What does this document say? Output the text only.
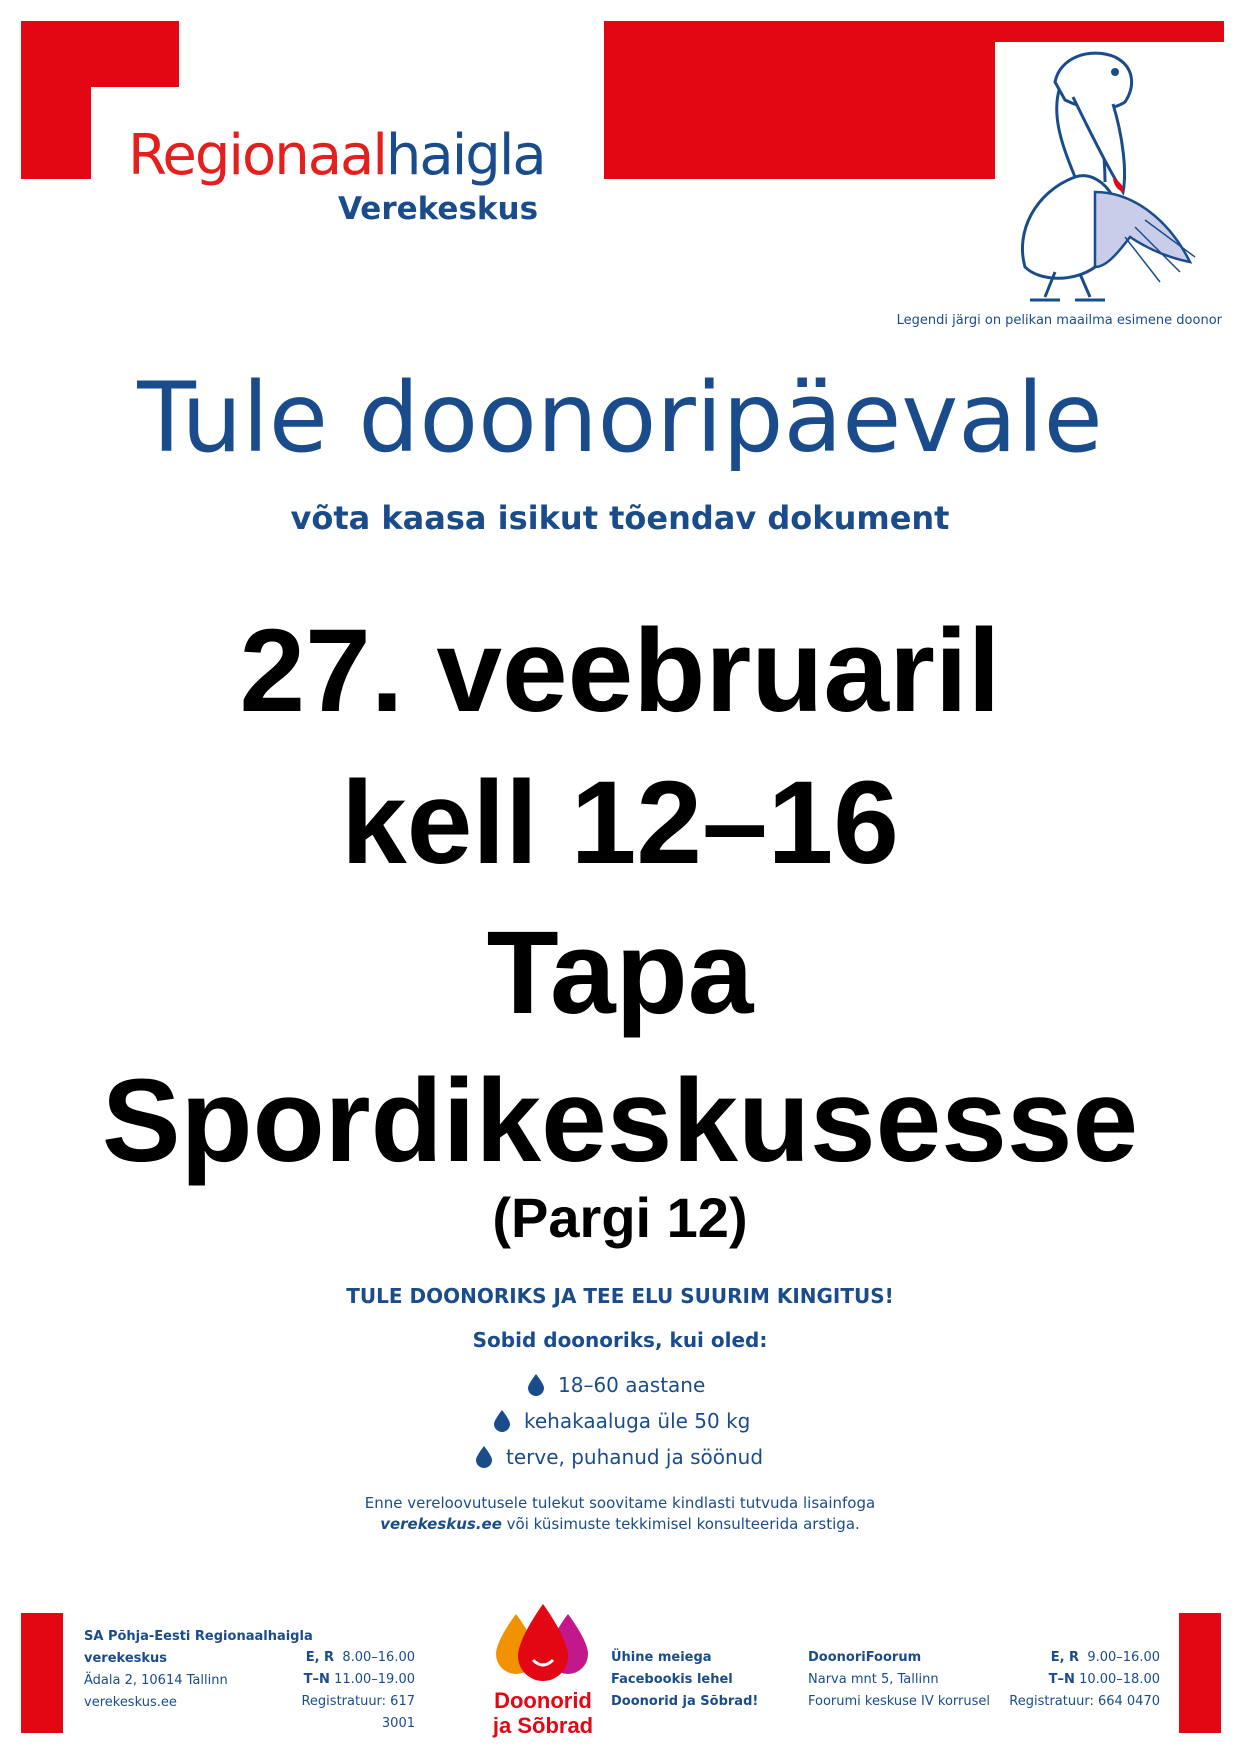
Regionaalhaigla
Verekeskus
Legendi järgi on pelikan maailma esimene doonor
Tule doonoripäevale
võta kaasa isikut tõendav dokument
27. veebruaril
kell 12–16
Tapa
Spordikeskusesse
(Pargi 12)
TULE DOONORIKS JA TEE ELU SUURIM KINGITUS!
Sobid doonoriks, kui oled:
18–60 aastane
kehakaaluga üle 50 kg
terve, puhanud ja söönud
Enne vereloovutusele tulekut soovitame kindlasti tutvuda lisainfoga
verekeskus.ee või küsimuste tekkimisel konsulteerida arstiga.
SA Põhja-Eesti Regionaalhaigla
verekeskus
Ädala 2, 10614 Tallinn
verekeskus.ee
E, R 8.00–16.00
T–N 11.00–19.00
Registratuur: 617 3001
Doonorid
ja Sõbrad
Ühine meiega
Facebookis lehel
Doonorid ja Sõbrad!
DoonoriFoorum
Narva mnt 5, Tallinn
Foorumi keskuse IV korrusel
E, R 9.00–16.00
T–N 10.00–18.00
Registratuur: 664 0470
